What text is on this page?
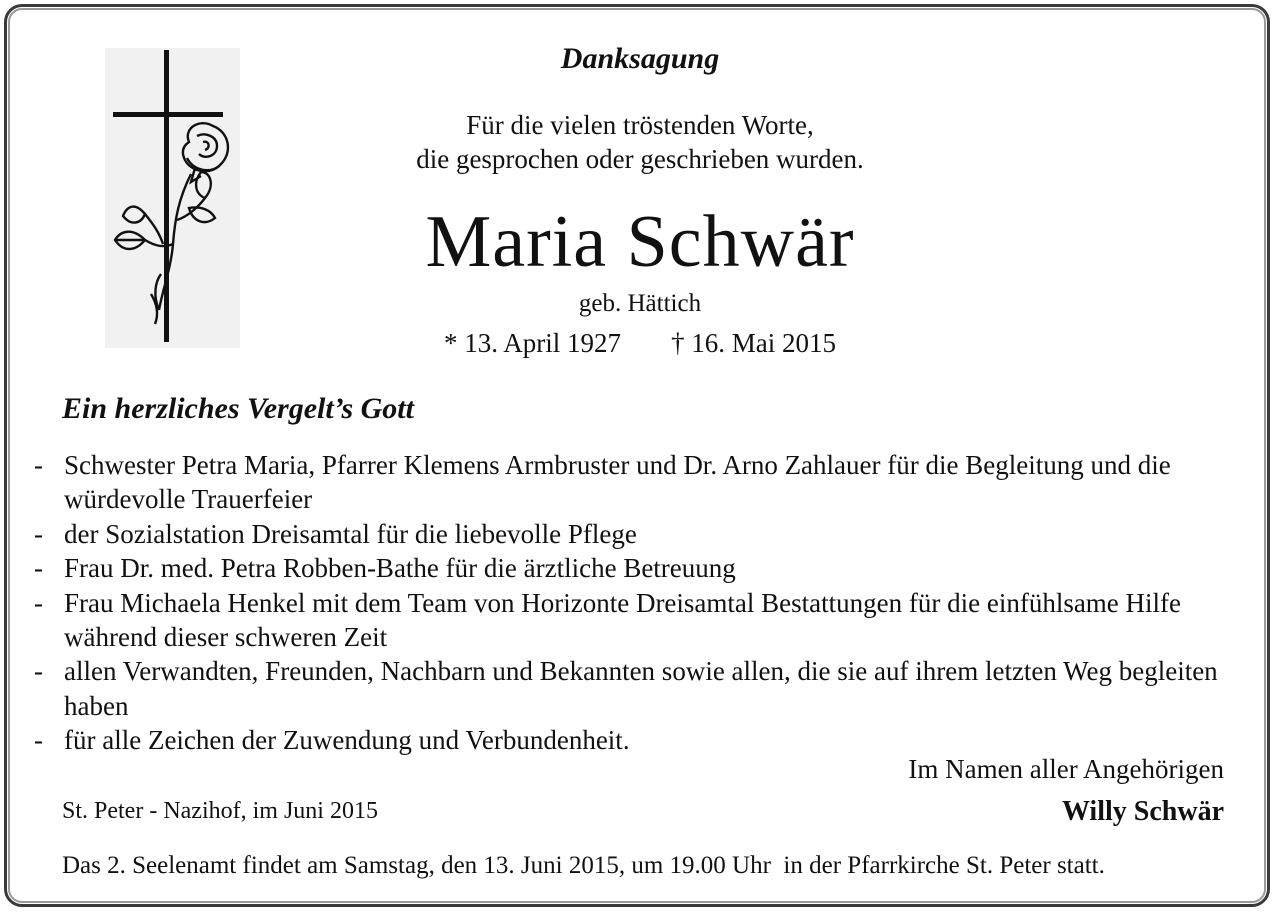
Danksagung
Für die vielen tröstenden Worte,
die gesprochen oder geschrieben wurden.
Maria Schwär
geb. Hättich
* 13. April 1927 † 16. Mai 2015
Ein herzliches Vergelt’s Gott
- Schwester Petra Maria, Pfarrer Klemens Armbruster und Dr. Arno Zahlauer für die Begleitung und die würdevolle Trauerfeier
- der Sozialstation Dreisamtal für die liebevolle Pflege
- Frau Dr. med. Petra Robben-Bathe für die ärztliche Betreuung
- Frau Michaela Henkel mit dem Team von Horizonte Dreisamtal Bestattungen für die einfühlsame Hilfe während dieser schweren Zeit
- allen Verwandten, Freunden, Nachbarn und Bekannten sowie allen, die sie auf ihrem letzten Weg begleiten haben
- für alle Zeichen der Zuwendung und Verbundenheit.
Im Namen aller Angehörigen
St. Peter - Nazihof, im Juni 2015	Willy Schwär
Das 2. Seelenamt findet am Samstag, den 13. Juni 2015, um 19.00 Uhr  in der Pfarrkirche St. Peter statt.
